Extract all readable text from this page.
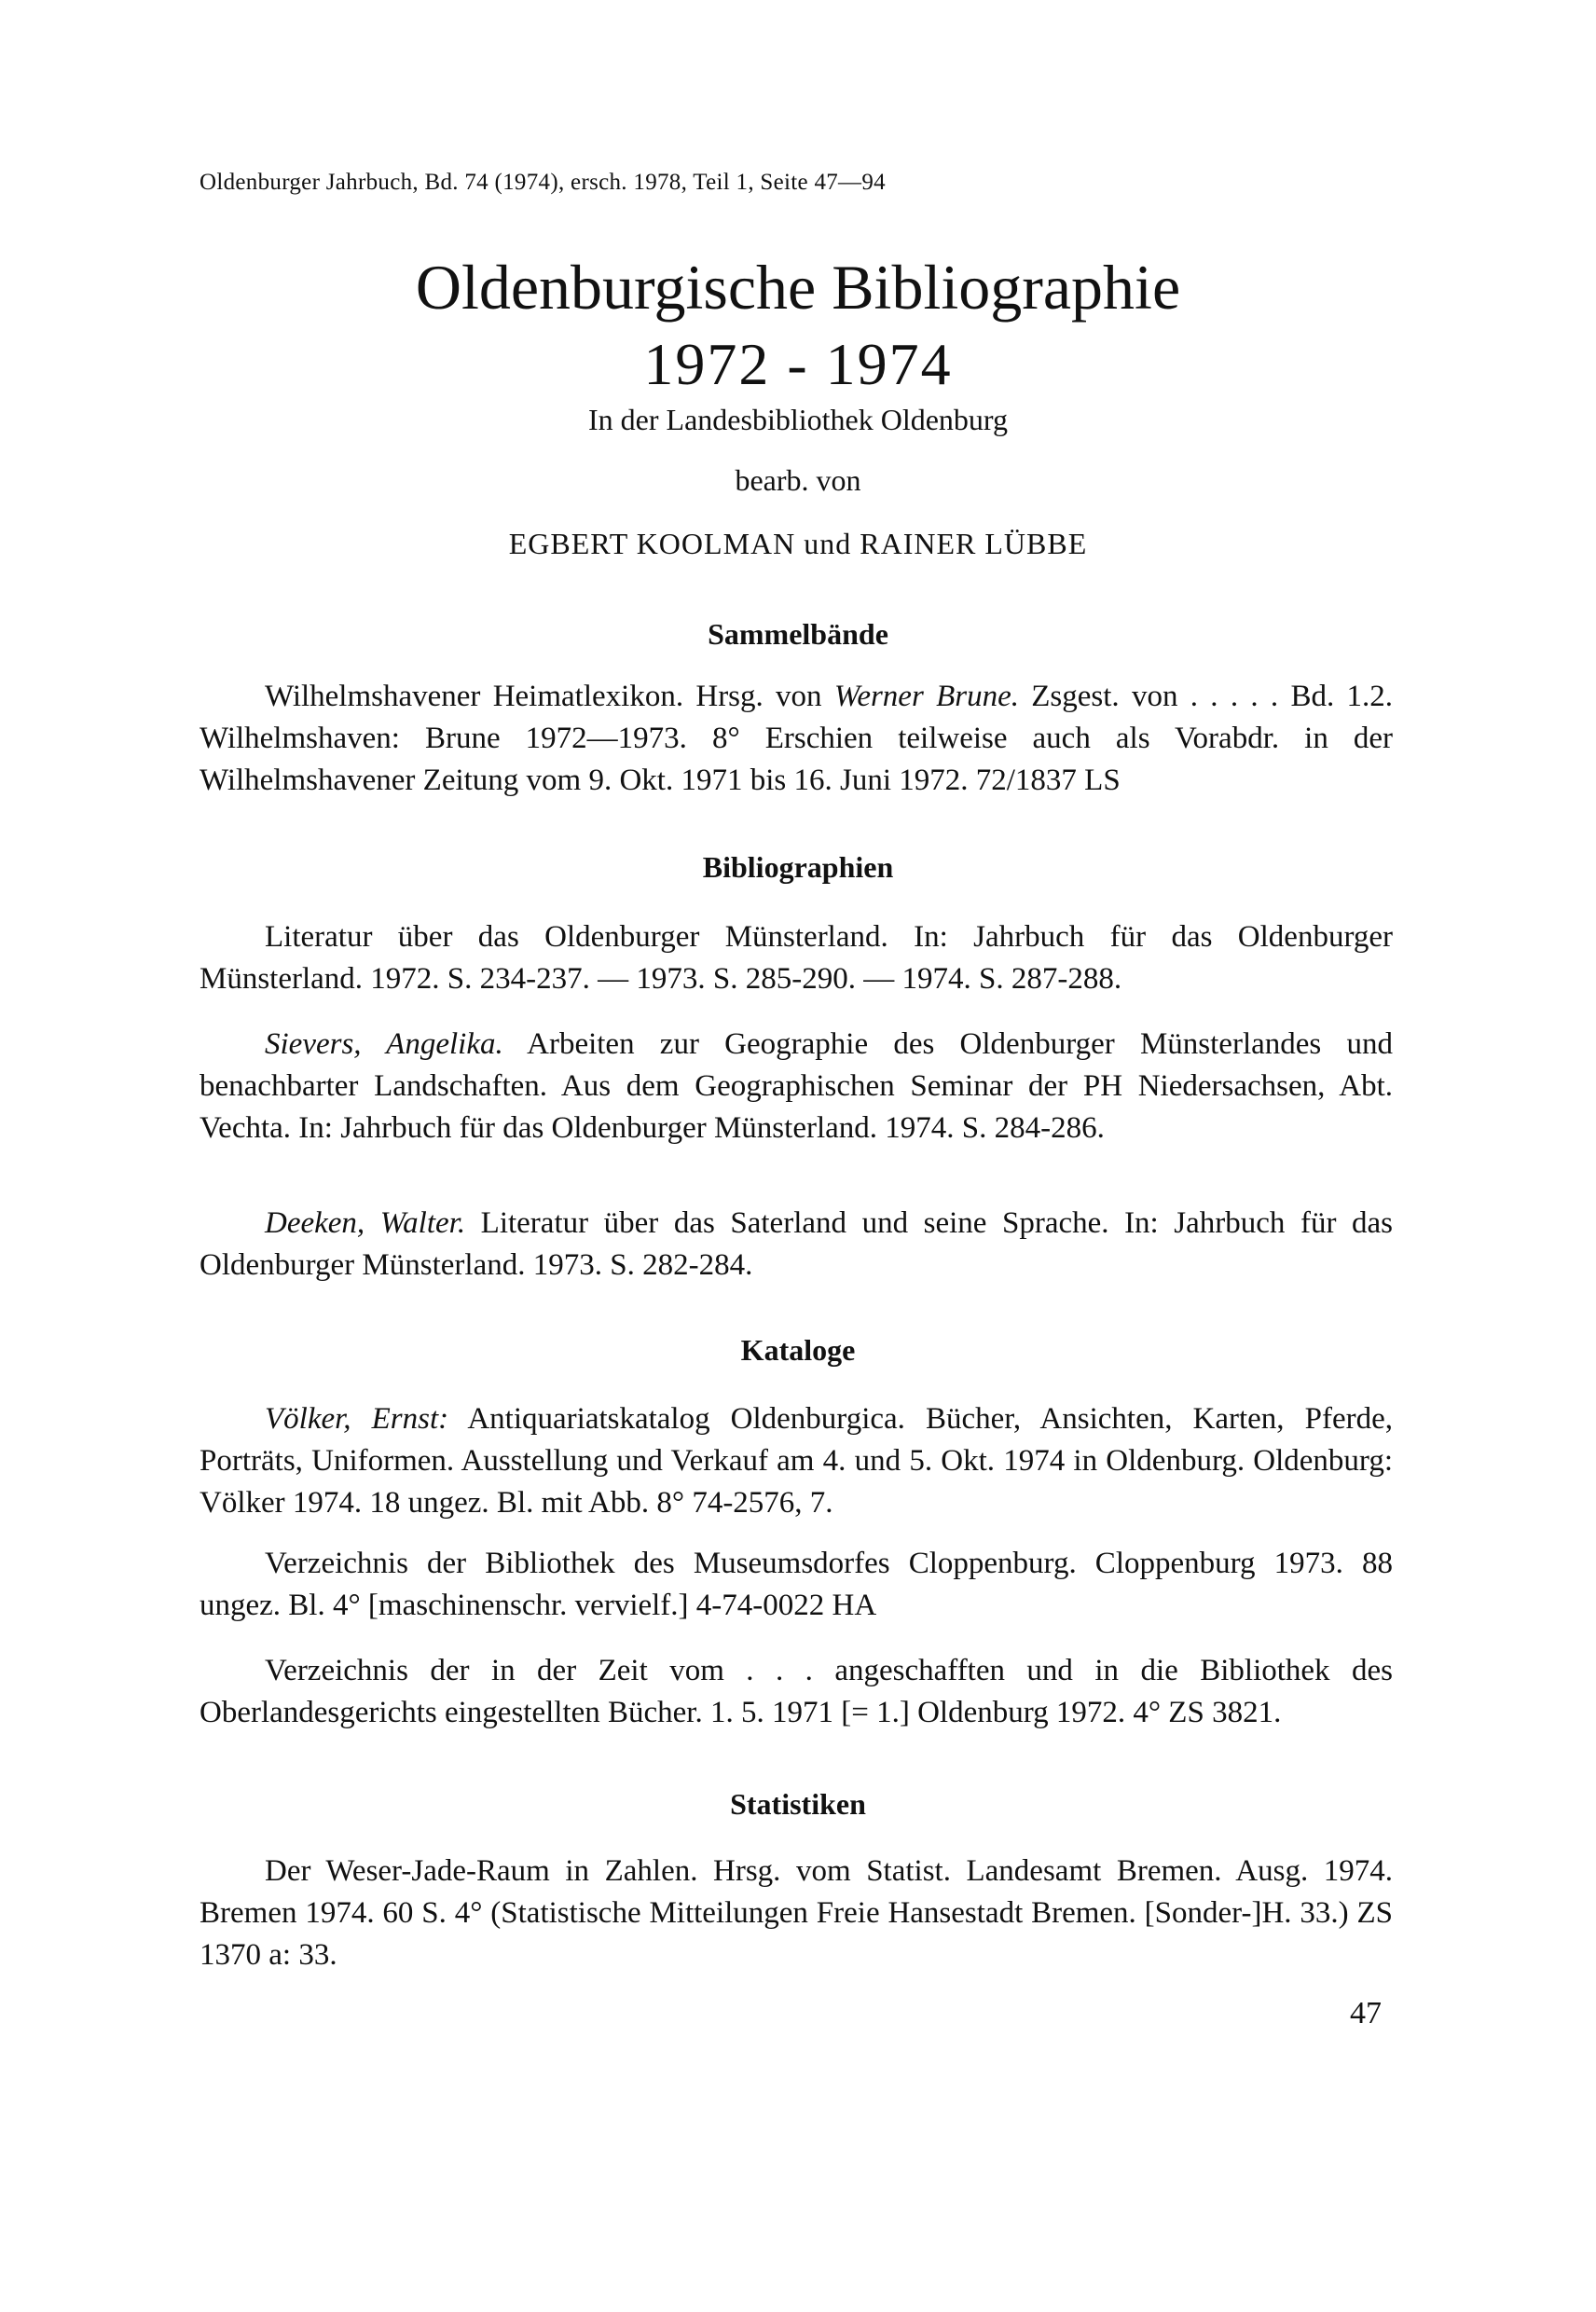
Oldenburger Jahrbuch, Bd. 74 (1974), ersch. 1978, Teil 1, Seite 47—94
Oldenburgische Bibliographie
1972 - 1974
In der Landesbibliothek Oldenburg
bearb. von
EGBERT KOOLMAN und RAINER LÜBBE
Sammelbände
Wilhelmshavener Heimatlexikon. Hrsg. von Werner Brune. Zsgest. von . . . . . Bd. 1.2. Wilhelmshaven: Brune 1972—1973. 8° Erschien teilweise auch als Vorabdr. in der Wilhelmshavener Zeitung vom 9. Okt. 1971 bis 16. Juni 1972. 72/1837 LS
Bibliographien
Literatur über das Oldenburger Münsterland. In: Jahrbuch für das Oldenburger Münsterland. 1972. S. 234-237. — 1973. S. 285-290. — 1974. S. 287-288.
Sievers, Angelika. Arbeiten zur Geographie des Oldenburger Münsterlandes und benachbarter Landschaften. Aus dem Geographischen Seminar der PH Niedersachsen, Abt. Vechta. In: Jahrbuch für das Oldenburger Münsterland. 1974. S. 284-286.
Deeken, Walter. Literatur über das Saterland und seine Sprache. In: Jahrbuch für das Oldenburger Münsterland. 1973. S. 282-284.
Kataloge
Völker, Ernst: Antiquariatskatalog Oldenburgica. Bücher, Ansichten, Karten, Pferde, Porträts, Uniformen. Ausstellung und Verkauf am 4. und 5. Okt. 1974 in Oldenburg. Oldenburg: Völker 1974. 18 ungez. Bl. mit Abb. 8° 74-2576, 7.
Verzeichnis der Bibliothek des Museumsdorfes Cloppenburg. Cloppenburg 1973. 88 ungez. Bl. 4° [maschinenschr. vervielf.] 4-74-0022 HA
Verzeichnis der in der Zeit vom . . . angeschafften und in die Bibliothek des Oberlandesgerichts eingestellten Bücher. 1. 5. 1971 [= 1.] Oldenburg 1972. 4° ZS 3821.
Statistiken
Der Weser-Jade-Raum in Zahlen. Hrsg. vom Statist. Landesamt Bremen. Ausg. 1974. Bremen 1974. 60 S. 4° (Statistische Mitteilungen Freie Hansestadt Bremen. [Sonder-]H. 33.) ZS 1370 a: 33.
47
